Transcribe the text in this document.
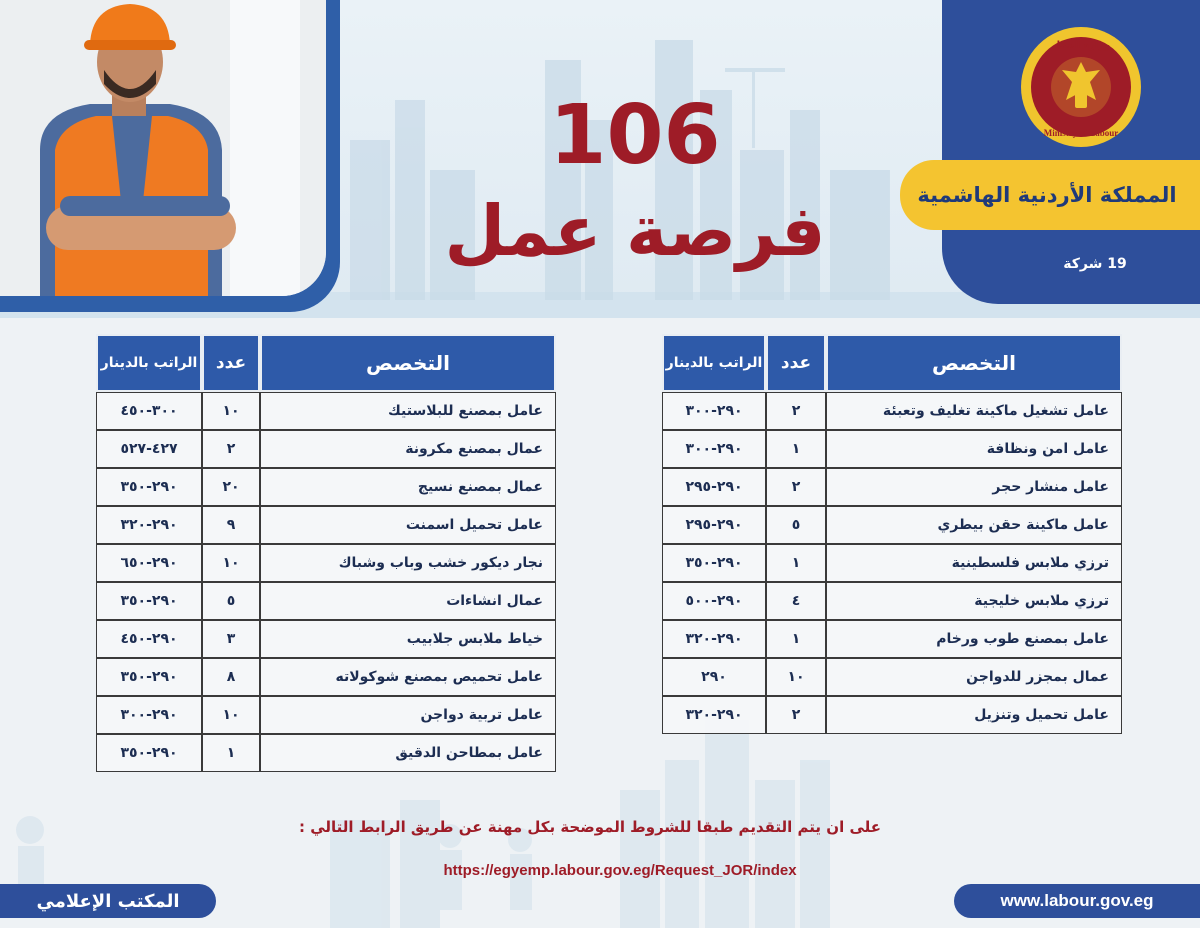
وزارة العمل
Ministry of Labour
المملكة الأردنية الهاشمية
19 شركة
106
فرصة عمل
التخصص	عدد	الراتب بالدينار
عامل تشغيل ماكينة تغليف وتعبئة	٢	٢٩٠-٣٠٠
عامل امن ونظافة	١	٢٩٠-٣٠٠
عامل منشار حجر	٢	٢٩٠-٢٩٥
عامل ماكينة حقن بيطري	٥	٢٩٠-٢٩٥
ترزي ملابس فلسطينية	١	٢٩٠-٣٥٠
ترزي ملابس خليجية	٤	٢٩٠-٥٠٠
عامل بمصنع طوب ورخام	١	٢٩٠-٣٢٠
عمال بمجزر للدواجن	١٠	٢٩٠
عامل تحميل وتنزيل	٢	٢٩٠-٣٢٠
التخصص	عدد	الراتب بالدينار
عامل بمصنع للبلاستيك	١٠	٣٠٠-٤٥٠
عمال بمصنع مكرونة	٢	٤٢٧-٥٢٧
عمال بمصنع نسيج	٢٠	٢٩٠-٣٥٠
عامل تحميل اسمنت	٩	٢٩٠-٣٢٠
نجار ديكور خشب وباب وشباك	١٠	٢٩٠-٦٥٠
عمال انشاءات	٥	٢٩٠-٣٥٠
خياط ملابس جلابيب	٣	٢٩٠-٤٥٠
عامل تحميص بمصنع شوكولاته	٨	٢٩٠-٣٥٠
عامل تربية دواجن	١٠	٢٩٠-٣٠٠
عامل بمطاحن الدقيق	١	٢٩٠-٣٥٠
على ان يتم التقديم طبقا للشروط الموضحة بكل مهنة عن طريق الرابط التالي :
https://egyemp.labour.gov.eg/Request_JOR/index
المكتب الإعلامي	www.labour.gov.eg
